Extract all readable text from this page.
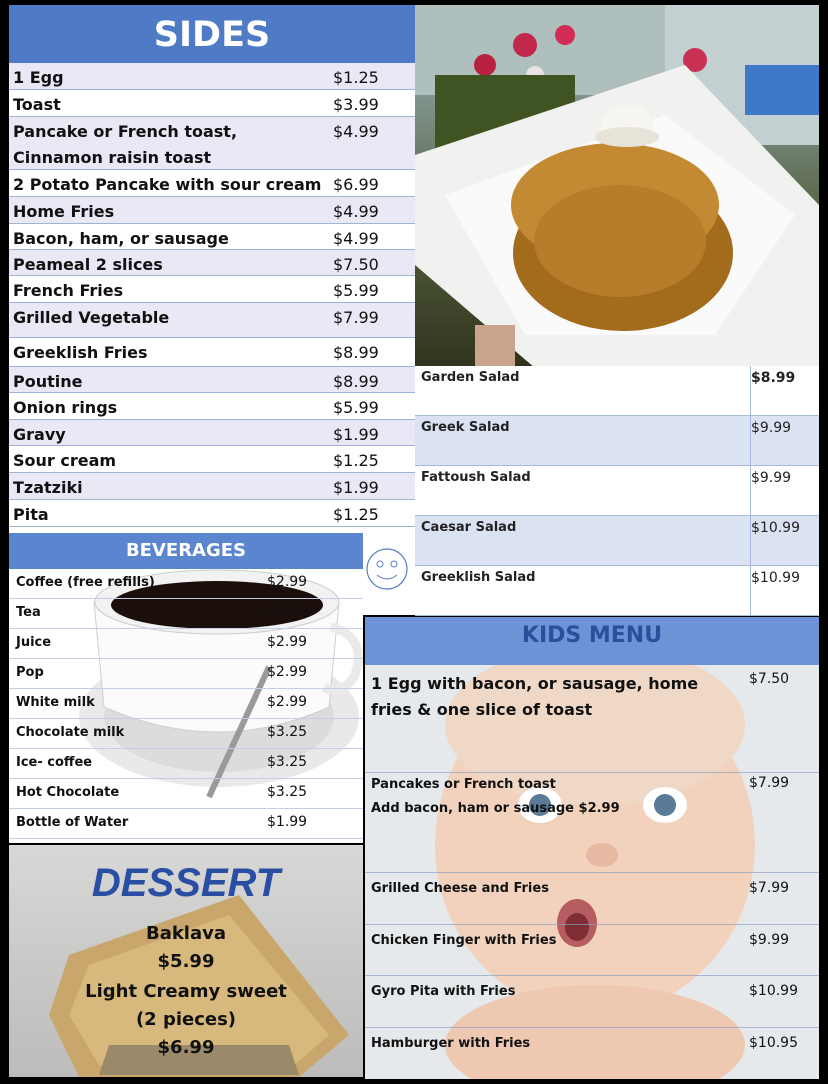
SIDES
1 Egg	$1.25
Toast	$3.99
Pancake or French toast, Cinnamon raisin toast
$4.99
2 Potato Pancake with sour cream $6.99
Home Fries	$4.99
Bacon, ham, or sausage	$4.99
Peameal 2 slices	$7.50
French Fries	$5.99
Grilled Vegetable	$7.99
Greeklish Fries	$8.99
Poutine	$8.99
Onion rings	$5.99
Gravy	$1.99
Sour cream	$1.25
Tzatziki	$1.99
Pita	$1.25
Garden Salad	$8.99
Greek Salad	$9.99
Fattoush Salad	$9.99
Caesar Salad	$10.99
Greeklish Salad	$10.99
BEVERAGES
Coffee (free refills)	$2.99
Tea	$2.99
Juice	$2.99
Pop	$2.99
White milk	$2.99
Chocolate milk	$3.25
Ice- coffee	$3.25
Hot Chocolate	$3.25
Bottle of Water	$1.99
DESSERT
Baklava
$5.99
Light Creamy sweet
(2 pieces)
$6.99
KIDS MENU
1 Egg with bacon, or sausage, home fries & one slice of toast
$7.50
Pancakes or French toast
Add bacon, ham or sausage $2.99
$7.99
Grilled Cheese and Fries	$7.99
Chicken Finger with Fries	$9.99
Gyro Pita with Fries	$10.99
Hamburger with Fries	$10.95
